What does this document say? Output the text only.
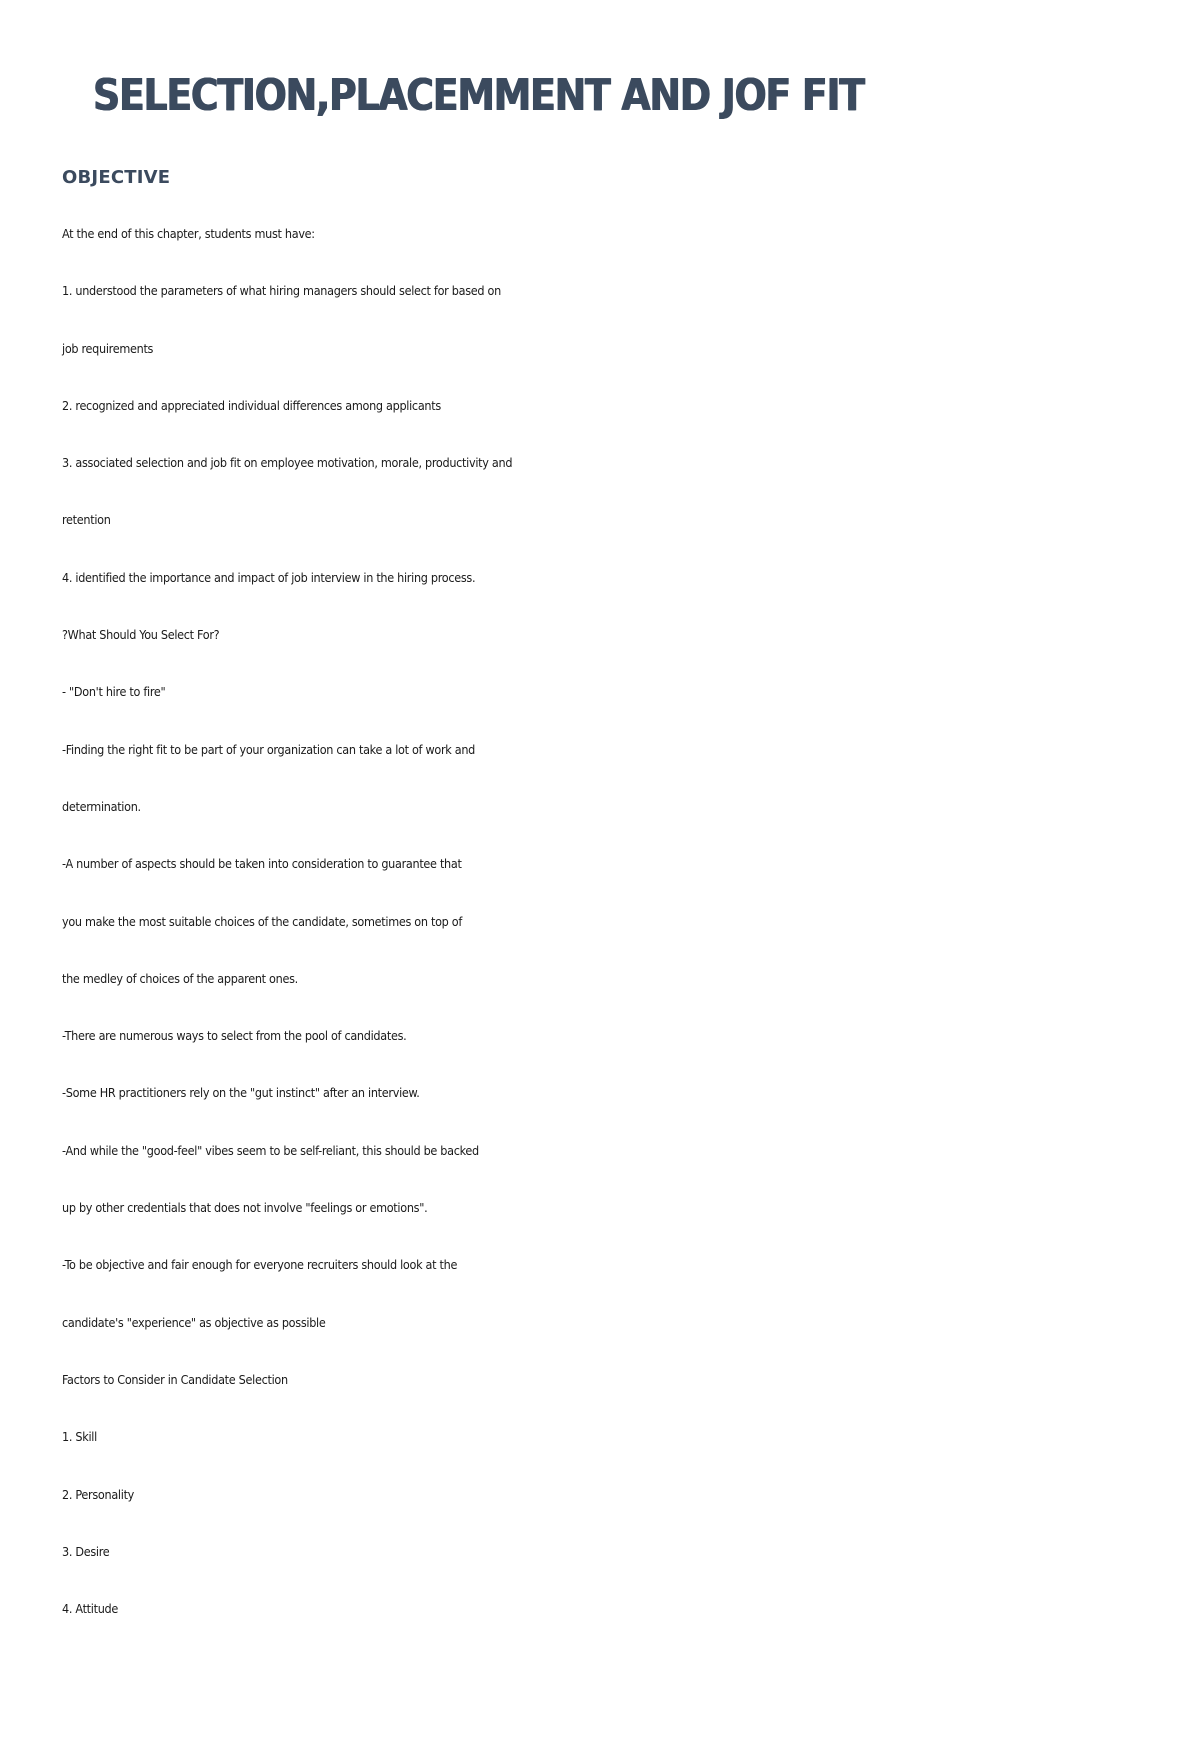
SELECTION,PLACEMMENT AND JOF FIT
OBJECTIVE
At the end of this chapter, students must have:
1. understood the parameters of what hiring managers should select for based on
job requirements
2. recognized and appreciated individual differences among applicants
3. associated selection and job fit on employee motivation, morale, productivity and
retention
4. identified the importance and impact of job interview in the hiring process.
?What Should You Select For?
- "Don't hire to fire"
-Finding the right fit to be part of your organization can take a lot of work and
determination.
-A number of aspects should be taken into consideration to guarantee that
you make the most suitable choices of the candidate, sometimes on top of
the medley of choices of the apparent ones.
-There are numerous ways to select from the pool of candidates.
-Some HR practitioners rely on the "gut instinct" after an interview.
-And while the "good-feel" vibes seem to be self-reliant, this should be backed
up by other credentials that does not involve "feelings or emotions".
-To be objective and fair enough for everyone recruiters should look at the
candidate's "experience" as objective as possible
Factors to Consider in Candidate Selection
1. Skill
2. Personality
3. Desire
4. Attitude
